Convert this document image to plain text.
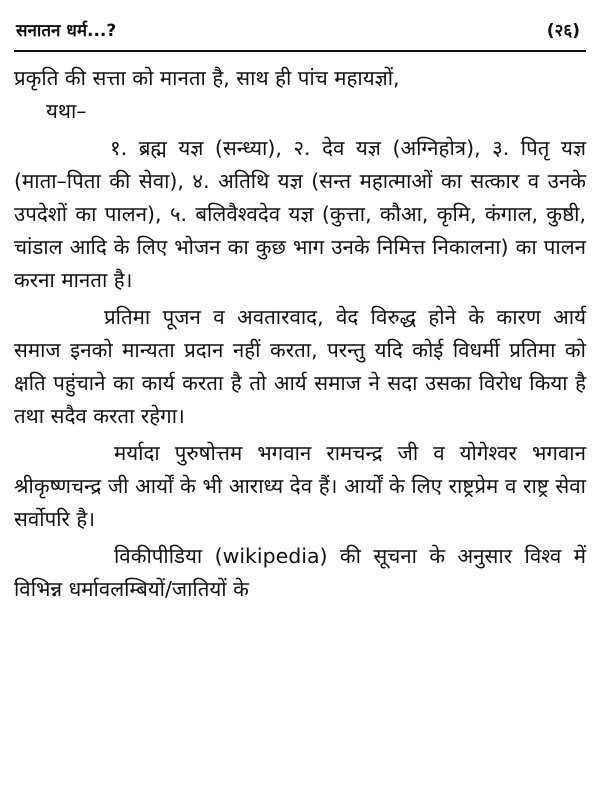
सनातन धर्म...?	(२६)

प्रकृति की सत्ता को मानता है, साथ ही पांच महायज्ञों,
यथा–

१. ब्रह्म यज्ञ (सन्ध्या), २. देव यज्ञ (अग्निहोत्र), ३. पितृ यज्ञ (माता–पिता की सेवा), ४. अतिथि यज्ञ (सन्त महात्माओं का सत्कार व उनके उपदेशों का पालन), ५. बलिवैश्वदेव यज्ञ (कुत्ता, कौआ, कृमि, कंगाल, कुष्ठी, चांडाल आदि के लिए भोजन का कुछ भाग उनके निमित्त निकालना) का पालन करना मानता है।

प्रतिमा पूजन व अवतारवाद, वेद विरुद्ध होने के कारण आर्य समाज इनको मान्यता प्रदान नहीं करता, परन्तु यदि कोई विधर्मी प्रतिमा को क्षति पहुंचाने का कार्य करता है तो आर्य समाज ने सदा उसका विरोध किया है तथा सदैव करता रहेगा।

मर्यादा पुरुषोत्तम भगवान रामचन्द्र जी व योगेश्वर भगवान श्रीकृष्णचन्द्र जी आर्यों के भी आराध्य देव हैं। आर्यों के लिए राष्ट्रप्रेम व राष्ट्र सेवा सर्वोपरि है।

विकीपीडिया (wikipedia) की सूचना के अनुसार विश्व में विभिन्न धर्मावलम्बियों/जातियों के
